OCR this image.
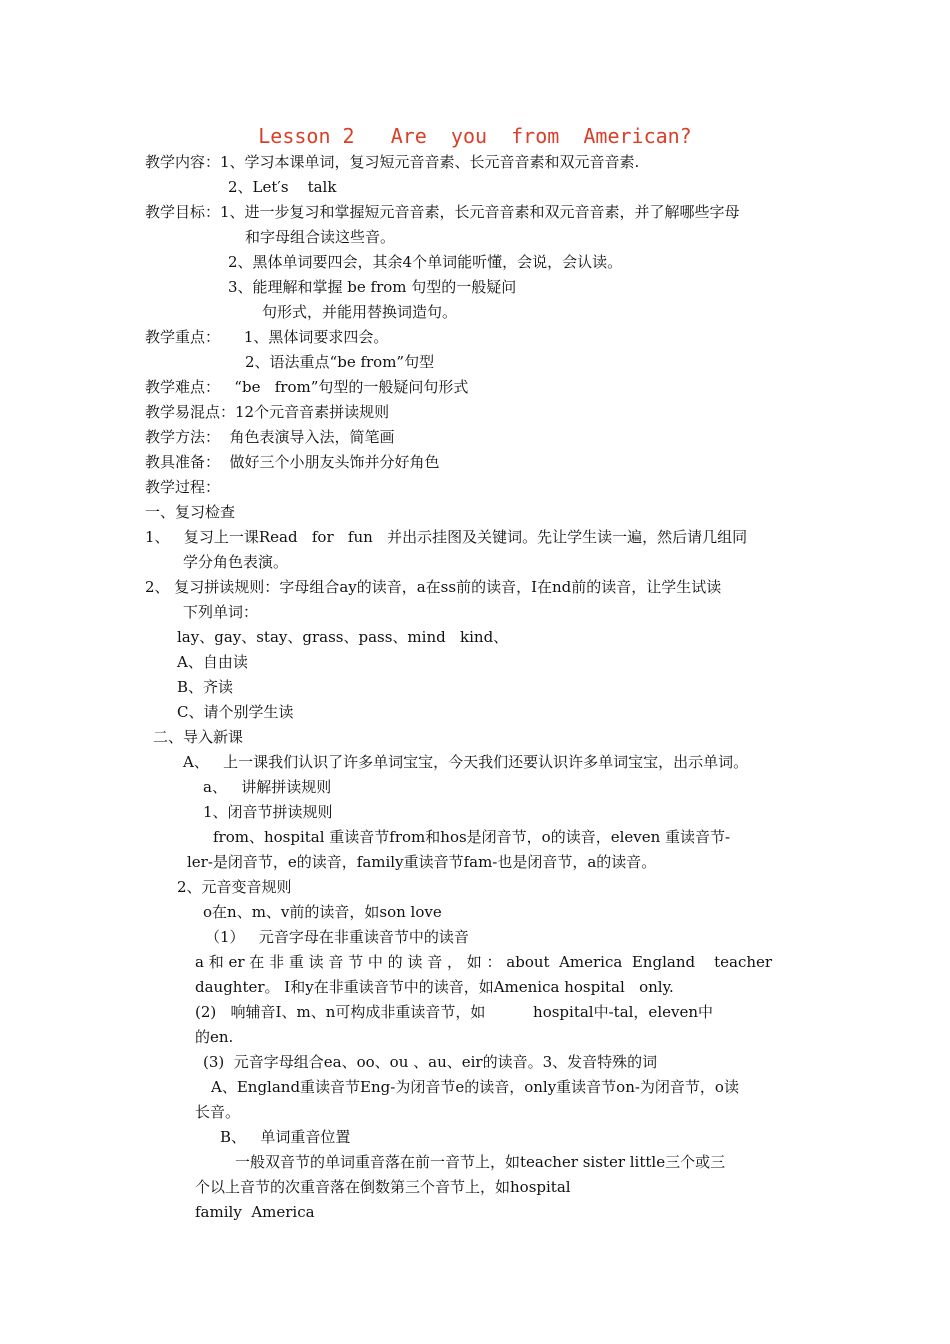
Lesson 2   Are  you  from  American?
教学内容：1、学习本课单词，复习短元音音素、长元音音素和双元音音素.
2、Let′s    talk
教学目标：1、进一步复习和掌握短元音音素，长元音音素和双元音音素，并了解哪些字母
和字母组合读这些音。
2、黑体单词要四会，其余4个单词能听懂，会说，会认读。
3、能理解和掌握 be from 句型的一般疑问
句形式，并能用替换词造句。
教学重点：     1、黑体词要求四会。
2、语法重点“be from”句型
教学难点：   “be   from”句型的一般疑问句形式
教学易混点：12个元音音素拼读规则
教学方法：  角色表演导入法，简笔画
教具准备：  做好三个小朋友头饰并分好角色
教学过程：
一、复习检查
1、   复习上一课Read   for   fun   并出示挂图及关键词。先让学生读一遍，然后请几组同
学分角色表演。
2、 复习拼读规则：字母组合ay的读音，a在ss前的读音，I在nd前的读音，让学生试读
下列单词：
lay、gay、stay、grass、pass、mind   kind、
A、自由读
B、齐读
C、请个别学生读
二、导入新课
A、   上一课我们认识了许多单词宝宝，今天我们还要认识许多单词宝宝，出示单词。
a、   讲解拼读规则
1、闭音节拼读规则
from、hospital 重读音节from和hos是闭音节，o的读音，eleven 重读音节-
ler-是闭音节，e的读音，family重读音节fam-也是闭音节，a的读音。
2、元音变音规则
o在n、m、v前的读音，如son love
（1）   元音字母在非重读音节中的读音
a 和 er 在 非 重 读 音 节 中 的 读 音 ， 如 ： about  America  England    teacher
daughter。 I和y在非重读音节中的读音，如Amenica hospital   only.
(2)   响辅音I、m、n可构成非重读音节，如          hospital中-tal，eleven中
的en.
(3)  元音字母组合ea、oo、ou 、au、eir的读音。3、发音特殊的词
A、England重读音节Eng-为闭音节e的读音，only重读音节on-为闭音节，o读
长音。
B、   单词重音位置
一般双音节的单词重音落在前一音节上，如teacher sister little三个或三
个以上音节的次重音落在倒数第三个音节上，如hospital
family  America
